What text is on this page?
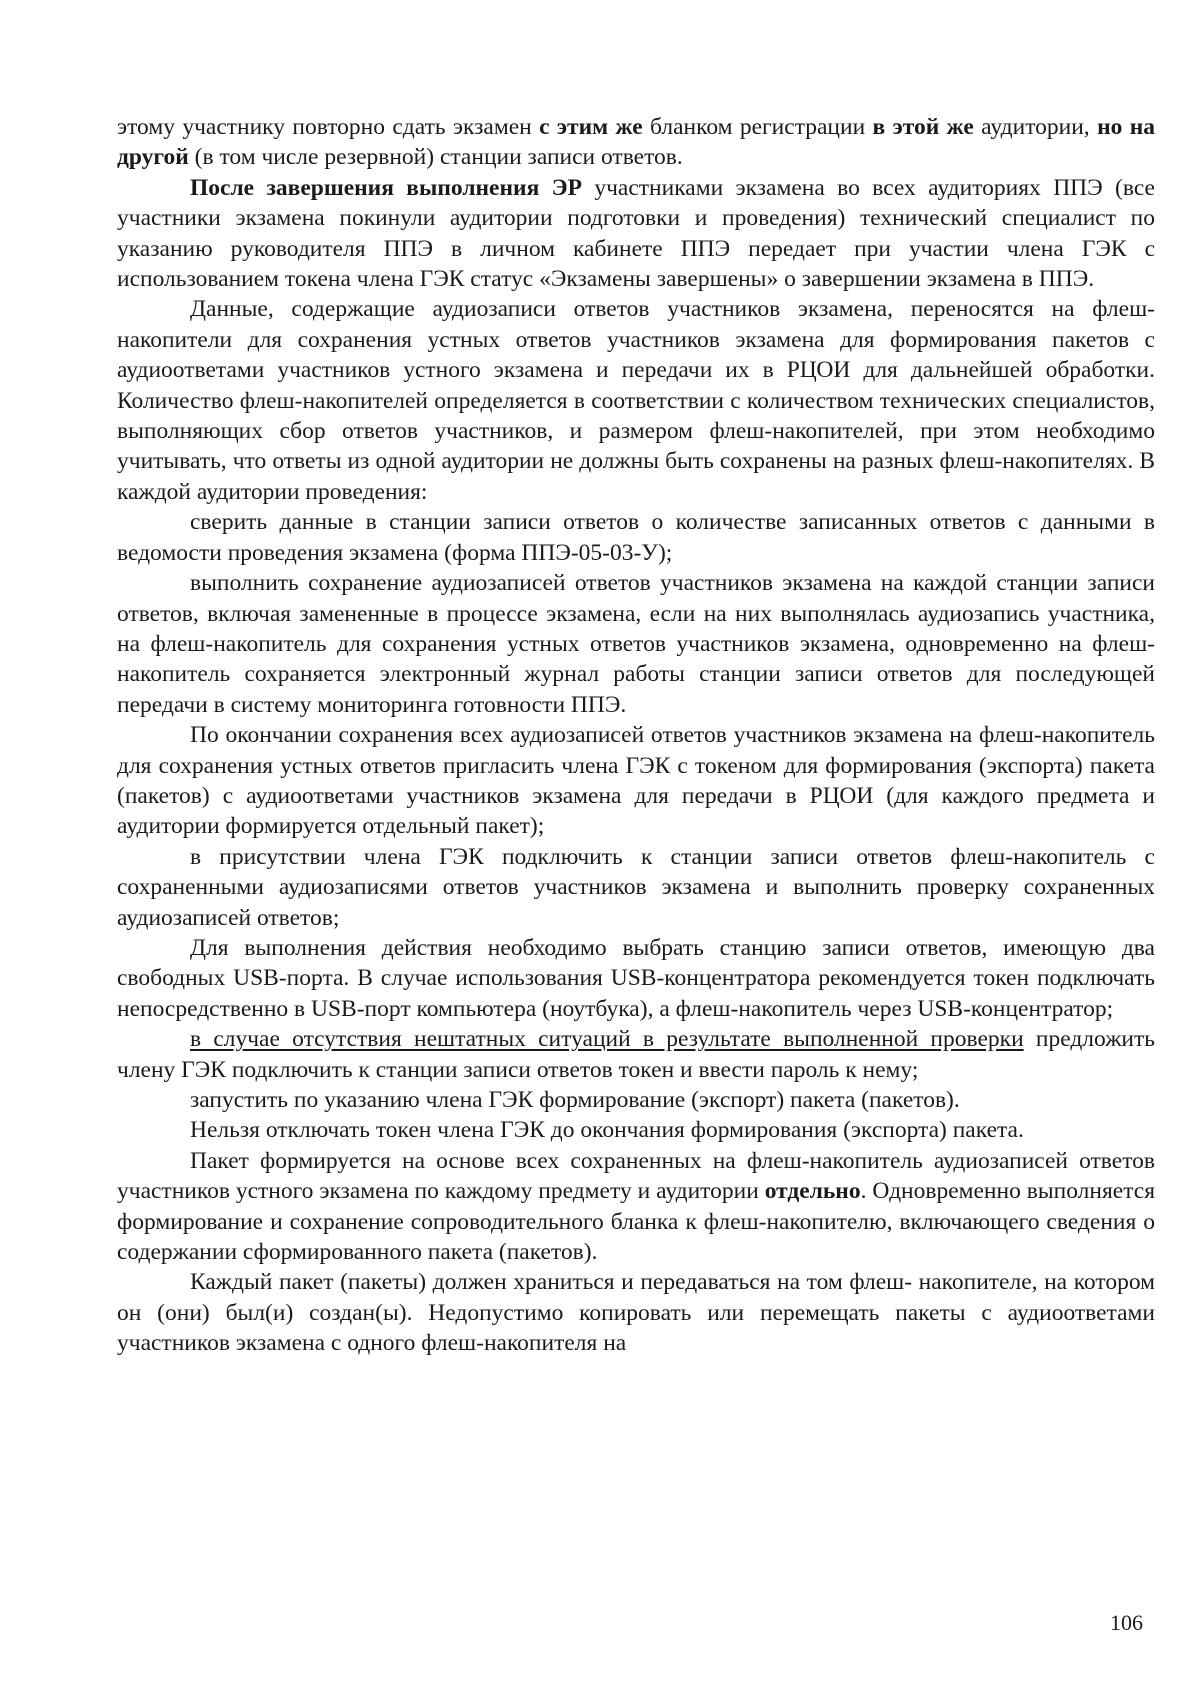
этому участнику повторно сдать экзамен с этим же бланком регистрации в этой же аудитории, но на другой (в том числе резервной) станции записи ответов.

После завершения выполнения ЭР участниками экзамена во всех аудиториях ППЭ (все участники экзамена покинули аудитории подготовки и проведения) технический специалист по указанию руководителя ППЭ в личном кабинете ППЭ передает при участии члена ГЭК с использованием токена члена ГЭК статус «Экзамены завершены» о завершении экзамена в ППЭ.

Данные, содержащие аудиозаписи ответов участников экзамена, переносятся на флеш-накопители для сохранения устных ответов участников экзамена для формирования пакетов с аудиоответами участников устного экзамена и передачи их в РЦОИ для дальнейшей обработки. Количество флеш-накопителей определяется в соответствии с количеством технических специалистов, выполняющих сбор ответов участников, и размером флеш-накопителей, при этом необходимо учитывать, что ответы из одной аудитории не должны быть сохранены на разных флеш-накопителях. В каждой аудитории проведения:

сверить данные в станции записи ответов о количестве записанных ответов с данными в ведомости проведения экзамена (форма ППЭ-05-03-У);

выполнить сохранение аудиозаписей ответов участников экзамена на каждой станции записи ответов, включая замененные в процессе экзамена, если на них выполнялась аудиозапись участника, на флеш-накопитель для сохранения устных ответов участников экзамена, одновременно на флеш-накопитель сохраняется электронный журнал работы станции записи ответов для последующей передачи в систему мониторинга готовности ППЭ.

По окончании сохранения всех аудиозаписей ответов участников экзамена на флеш-накопитель для сохранения устных ответов пригласить члена ГЭК с токеном для формирования (экспорта) пакета (пакетов) с аудиоответами участников экзамена для передачи в РЦОИ (для каждого предмета и аудитории формируется отдельный пакет);

в присутствии члена ГЭК подключить к станции записи ответов флеш-накопитель с сохраненными аудиозаписями ответов участников экзамена и выполнить проверку сохраненных аудиозаписей ответов;

Для выполнения действия необходимо выбрать станцию записи ответов, имеющую два свободных USB-порта. В случае использования USB-концентратора рекомендуется токен подключать непосредственно в USB-порт компьютера (ноутбука), а флеш-накопитель через USB-концентратор;

в случае отсутствия нештатных ситуаций в результате выполненной проверки предложить члену ГЭК подключить к станции записи ответов токен и ввести пароль к нему;

запустить по указанию члена ГЭК формирование (экспорт) пакета (пакетов).

Нельзя отключать токен члена ГЭК до окончания формирования (экспорта) пакета.

Пакет формируется на основе всех сохраненных на флеш-накопитель аудиозаписей ответов участников устного экзамена по каждому предмету и аудитории отдельно. Одновременно выполняется формирование и сохранение сопроводительного бланка к флеш-накопителю, включающего сведения о содержании сформированного пакета (пакетов).

Каждый пакет (пакеты) должен храниться и передаваться на том флеш- накопителе, на котором он (они) был(и) создан(ы). Недопустимо копировать или перемещать пакеты с аудиоответами участников экзамена с одного флеш-накопителя на

106
